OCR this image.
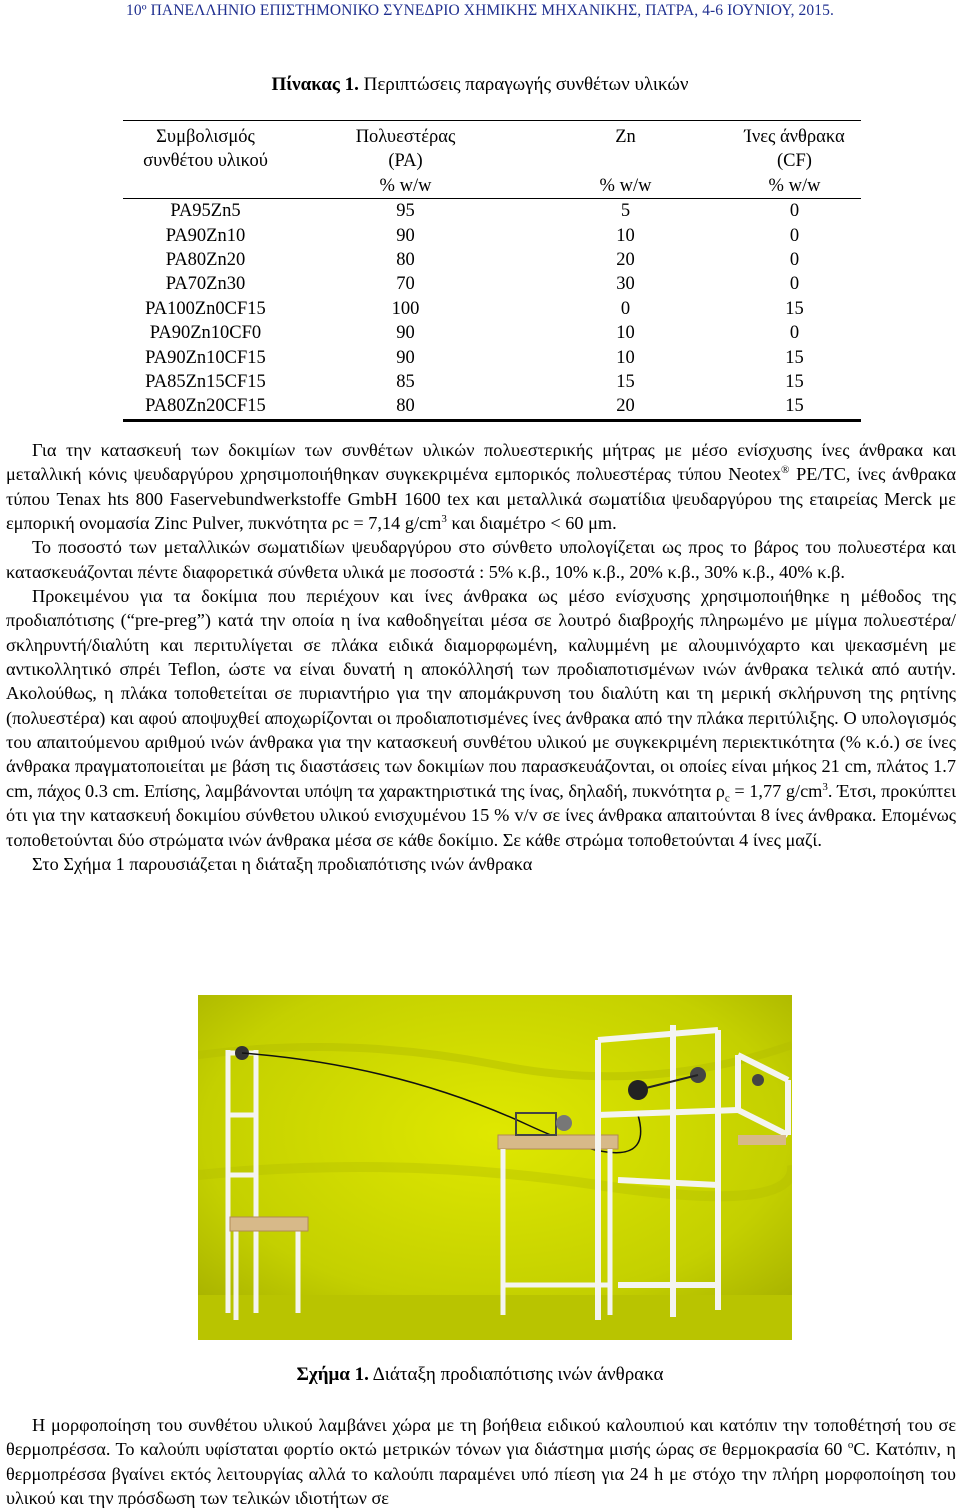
10º ΠΑΝΕΛΛΗΝΙΟ ΕΠΙΣΤΗΜΟΝΙΚΟ ΣΥΝΕΔΡΙΟ ΧΗΜΙΚΗΣ ΜΗΧΑΝΙΚΗΣ, ΠΑΤΡΑ, 4-6 ΙΟΥΝΙΟΥ, 2015.
Πίνακας 1. Περιπτώσεις παραγωγής συνθέτων υλικών
Συμβολισμός	Πολυεστέρας	Zn	Ίνες άνθρακα
συνθέτου υλικού	(PA)		(CF)
	% w/w	% w/w	% w/w
PA95Zn5	95	5	0
PA90Zn10	90	10	0
PA80Zn20	80	20	0
PA70Zn30	70	30	0
PA100Zn0CF15	100	0	15
PA90Zn10CF0	90	10	0
PA90Zn10CF15	90	10	15
PA85Zn15CF15	85	15	15
PA80Zn20CF15	80	20	15

Για την κατασκευή των δοκιμίων των συνθέτων υλικών πολυεστερικής μήτρας με μέσο ενίσχυσης ίνες άνθρακα και μεταλλική κόνις ψευδαργύρου χρησιμοποιήθηκαν συγκεκριμένα εμπορικός πολυεστέρας τύπου Neotex® PE/TC, ίνες άνθρακα τύπου Tenax hts 800 Faservebundwerkstoffe GmbH 1600 tex και μεταλλικά σωματίδια ψευδαργύρου της εταιρείας Merck με εμπορική ονομασία Zinc Pulver, πυκνότητα ρc = 7,14 $g/cm^3$ και διαμέτρο < 60 μm.

Το ποσοστό των μεταλλικών σωματιδίων ψευδαργύρου στο σύνθετο υπολογίζεται ως προς το βάρος του πολυεστέρα και κατασκευάζονται πέντε διαφορετικά σύνθετα υλικά με ποσοστά : 5% κ.β., 10% κ.β., 20% κ.β., 30% κ.β., 40% κ.β.

Προκειμένου για τα δοκίμια που περιέχουν και ίνες άνθρακα ως μέσο ενίσχυσης χρησιμοποιήθηκε η μέθοδος της προδιαπότισης (“pre-preg”) κατά την οποία η ίνα καθοδηγείται μέσα σε λουτρό διαβροχής πληρωμένο με μίγμα πολυεστέρα/σκληρυντή/διαλύτη και περιτυλίγεται σε πλάκα ειδικά διαμορφωμένη, καλυμμένη με αλουμινόχαρτο και ψεκασμένη με αντικολλητικό σπρέι Teflon, ώστε να είναι δυνατή η αποκόλλησή των προδιαποτισμένων ινών άνθρακα τελικά από αυτήν. Ακολούθως, η πλάκα τοποθετείται σε πυριαντήριο για την απομάκρυνση του διαλύτη και τη μερική σκλήρυνση της ρητίνης (πολυεστέρα) και αφού αποψυχθεί αποχωρίζονται οι προδιαποτισμένες ίνες άνθρακα από την πλάκα περιτύλιξης. Ο υπολογισμός του απαιτούμενου αριθμού ινών άνθρακα για την κατασκευή συνθέτου υλικού με συγκεκριμένη περιεκτικότητα (% κ.ό.) σε ίνες άνθρακα πραγματοποιείται με βάση τις διαστάσεις των δοκιμίων που παρασκευάζονται, οι οποίες είναι μήκος 21 cm, πλάτος 1.7 cm, πάχος 0.3 cm. Επίσης, λαμβάνονται υπόψη τα χαρακτηριστικά της ίνας, δηλαδή, πυκνότητα $\rho_c = 1,77$ $g/cm^3$. Έτσι, προκύπτει ότι για την κατασκευή δοκιμίου σύνθετου υλικού ενισχυμένου 15 % v/v σε ίνες άνθρακα απαιτούνται 8 ίνες άνθρακα. Επομένως τοποθετούνται δύο στρώματα ινών άνθρακα μέσα σε κάθε δοκίμιο. Σε κάθε στρώμα τοποθετούνται 4 ίνες μαζί.

Στο Σχήμα 1 παρουσιάζεται η διάταξη προδιαπότισης ινών άνθρακα

Σχήμα 1. Διάταξη προδιαπότισης ινών άνθρακα

Η μορφοποίηση του συνθέτου υλικού λαμβάνει χώρα με τη βοήθεια ειδικού καλουπιού και κατόπιν την τοποθέτησή του σε θερμοπρέσσα. Το καλούπι υφίσταται φορτίο οκτώ μετρικών τόνων για διάστημα μισής ώρας σε θερμοκρασία 60 $^o$C. Κατόπιν, η θερμοπρέσσα βγαίνει εκτός λειτουργίας αλλά το καλούπι παραμένει υπό πίεση για 24 h με στόχο την πλήρη μορφοποίηση του υλικού και την πρόσδωση των τελικών ιδιοτήτων σε
